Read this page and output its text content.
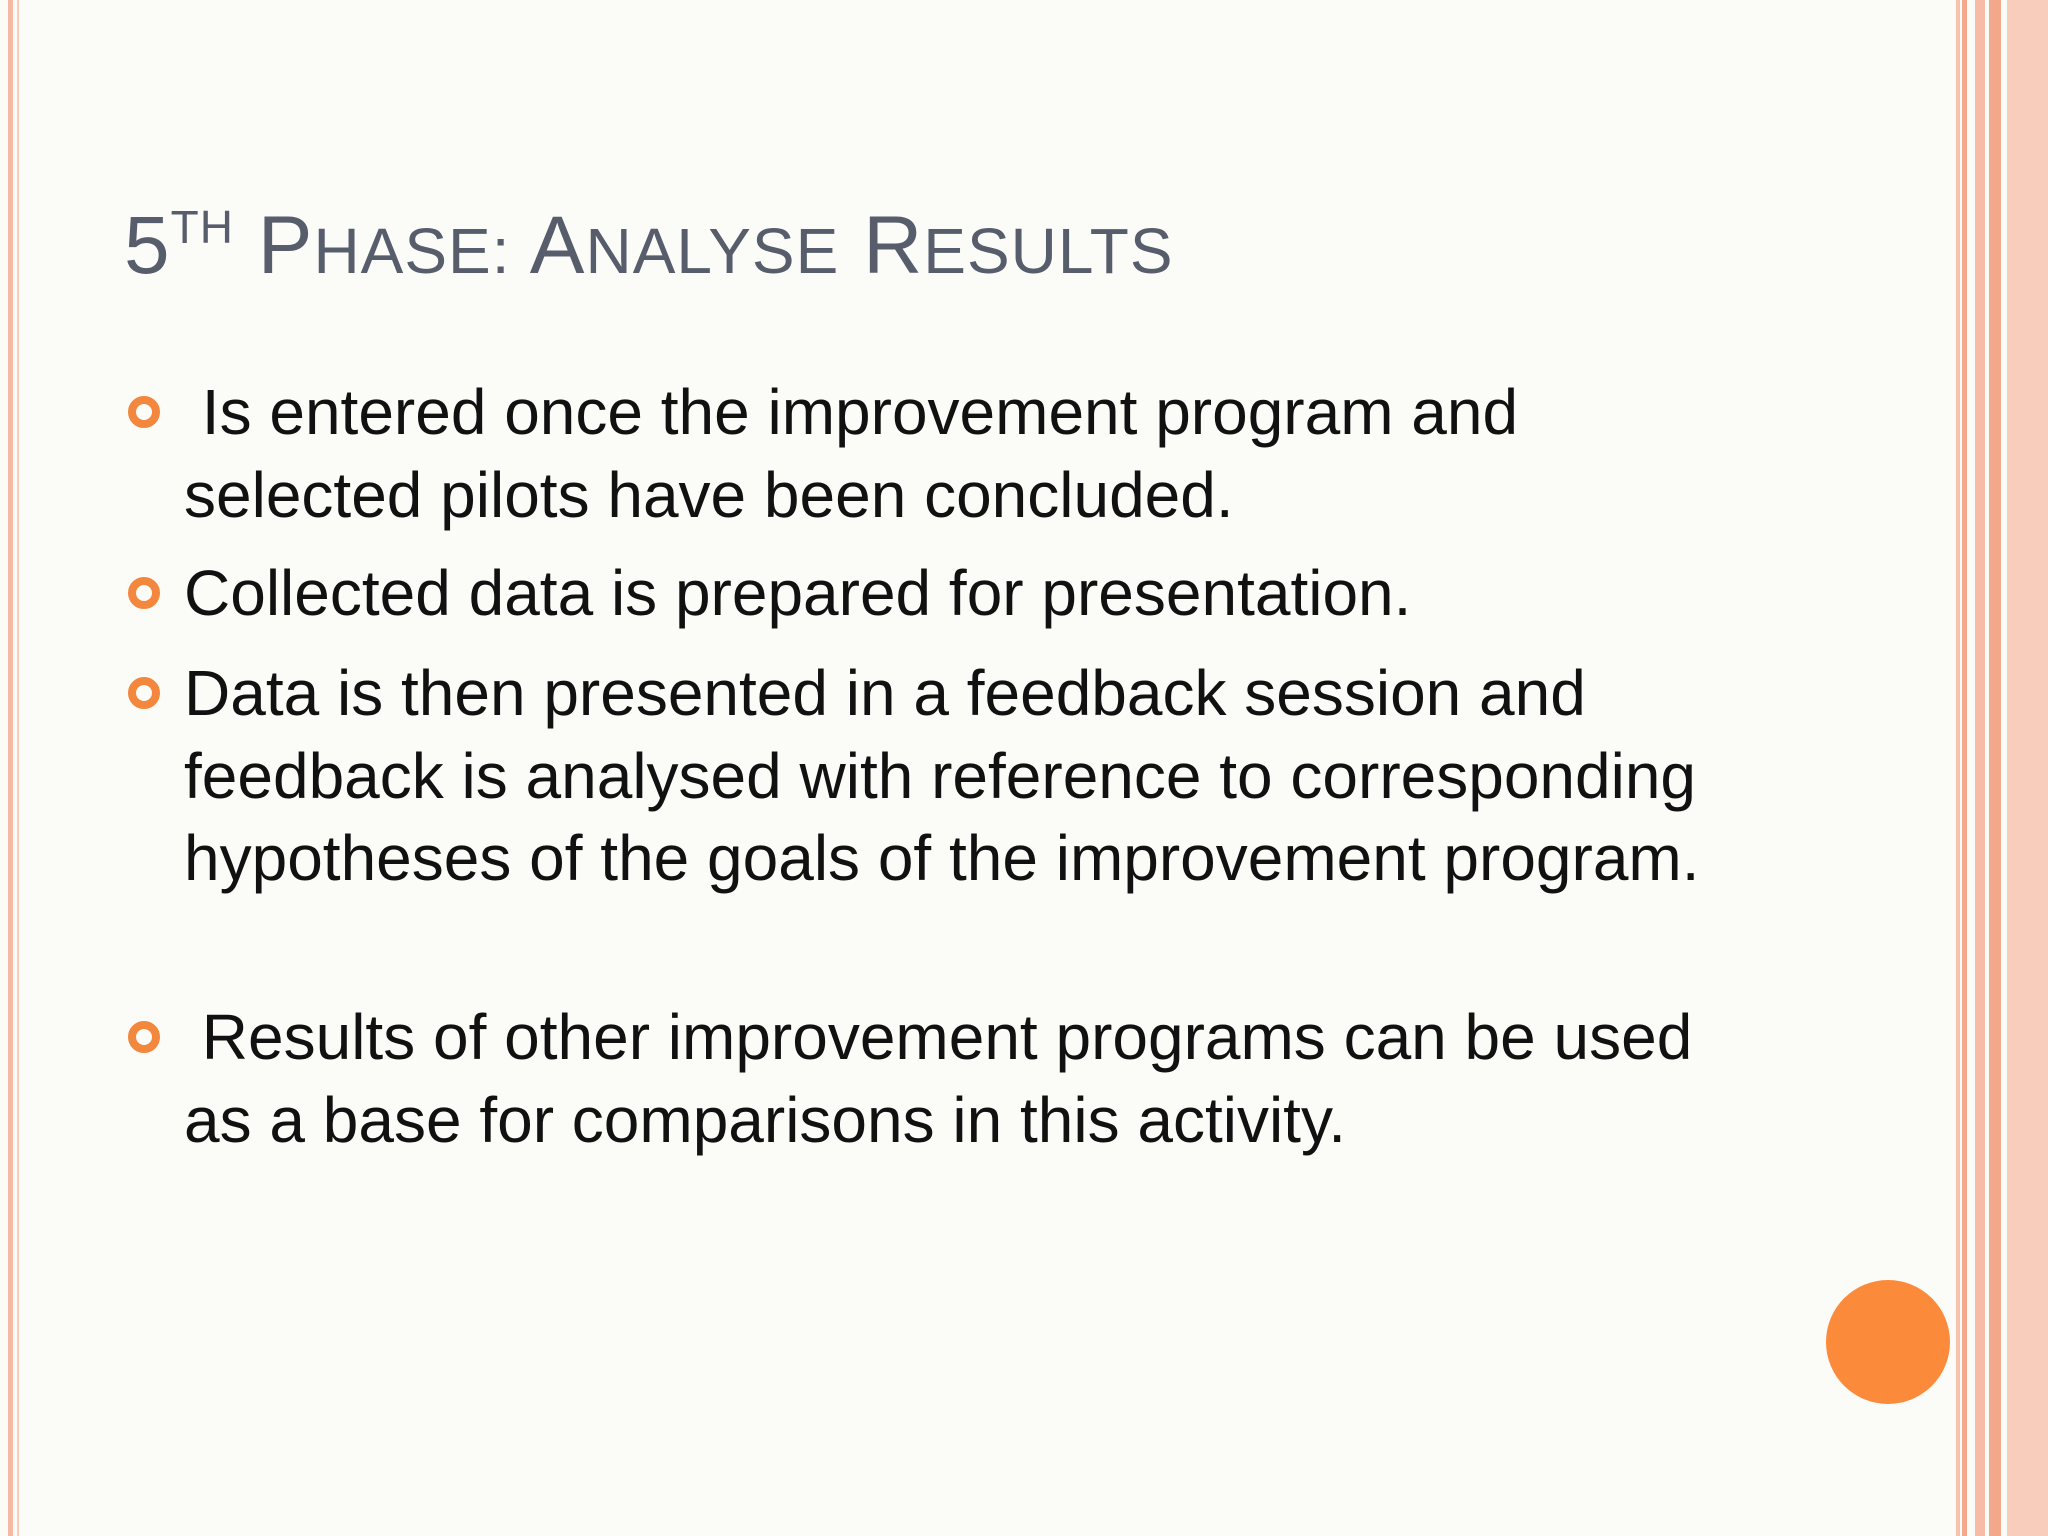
5TH PHASE: ANALYSE RESULTS
Is entered once the improvement program and selected pilots have been concluded.
Collected data is prepared for presentation.
Data is then presented in a feedback session and feedback is analysed with reference to corresponding hypotheses of the goals of the improvement program.
Results of other improvement programs can be used as a base for comparisons in this activity.
